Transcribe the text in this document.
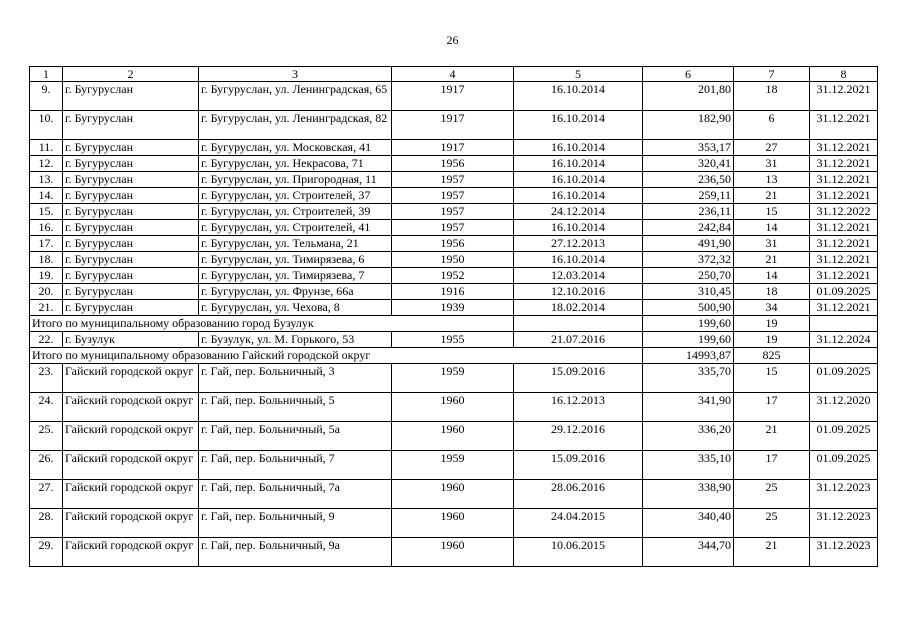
26
1	2	3	4	5	6	7	8
9.	г. Бугуруслан	г. Бугуруслан, ул. Ленинградская, 65	1917	16.10.2014	201,80	18	31.12.2021
10.	г. Бугуруслан	г. Бугуруслан, ул. Ленинградская, 82	1917	16.10.2014	182,90	6	31.12.2021
11.	г. Бугуруслан	г. Бугуруслан, ул. Московская, 41	1917	16.10.2014	353,17	27	31.12.2021
12.	г. Бугуруслан	г. Бугуруслан, ул. Некрасова, 71	1956	16.10.2014	320,41	31	31.12.2021
13.	г. Бугуруслан	г. Бугуруслан, ул. Пригородная, 11	1957	16.10.2014	236,50	13	31.12.2021
14.	г. Бугуруслан	г. Бугуруслан, ул. Строителей, 37	1957	16.10.2014	259,11	21	31.12.2021
15.	г. Бугуруслан	г. Бугуруслан, ул. Строителей, 39	1957	24.12.2014	236,11	15	31.12.2022
16.	г. Бугуруслан	г. Бугуруслан, ул. Строителей, 41	1957	16.10.2014	242,84	14	31.12.2021
17.	г. Бугуруслан	г. Бугуруслан, ул. Тельмана, 21	1956	27.12.2013	491,90	31	31.12.2021
18.	г. Бугуруслан	г. Бугуруслан, ул. Тимирязева, 6	1950	16.10.2014	372,32	21	31.12.2021
19.	г. Бугуруслан	г. Бугуруслан, ул. Тимирязева, 7	1952	12.03.2014	250,70	14	31.12.2021
20.	г. Бугуруслан	г. Бугуруслан, ул. Фрунзе, 66а	1916	12.10.2016	310,45	18	01.09.2025
21.	г. Бугуруслан	г. Бугуруслан, ул. Чехова, 8	1939	18.02.2014	500,90	34	31.12.2021
Итого по муниципальному образованию город Бузулук					199,60	19	
22.	г. Бузулук	г. Бузулук, ул. М. Горького, 53	1955	21.07.2016	199,60	19	31.12.2024
Итого по муниципальному образованию Гайский городской округ					14993,87	825	
23.	Гайский городской округ	г. Гай, пер. Больничный, 3	1959	15.09.2016	335,70	15	01.09.2025
24.	Гайский городской округ	г. Гай, пер. Больничный, 5	1960	16.12.2013	341,90	17	31.12.2020
25.	Гайский городской округ	г. Гай, пер. Больничный, 5а	1960	29.12.2016	336,20	21	01.09.2025
26.	Гайский городской округ	г. Гай, пер. Больничный, 7	1959	15.09.2016	335,10	17	01.09.2025
27.	Гайский городской округ	г. Гай, пер. Больничный, 7а	1960	28.06.2016	338,90	25	31.12.2023
28.	Гайский городской округ	г. Гай, пер. Больничный, 9	1960	24.04.2015	340,40	25	31.12.2023
29.	Гайский городской округ	г. Гай, пер. Больничный, 9а	1960	10.06.2015	344,70	21	31.12.2023
